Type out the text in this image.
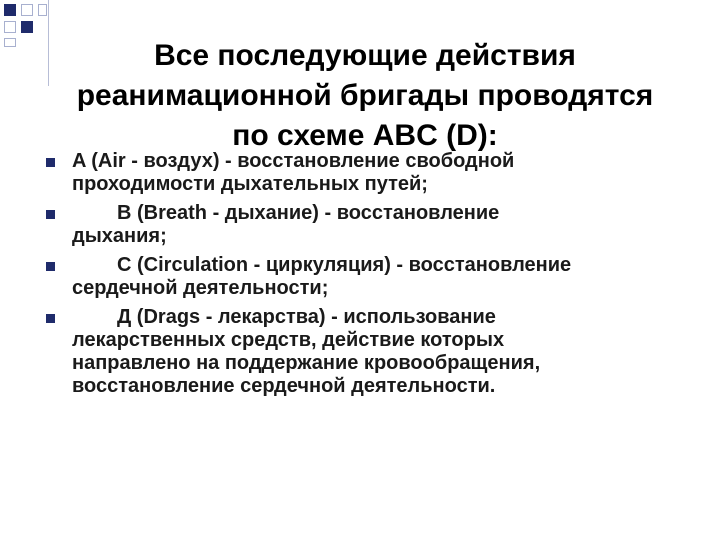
Все последующие действия
реанимационной бригады проводятся
по схеме ABC (D):
A (Air - воздух) - восстановление свободной
проходимости дыхательных путей;
B (Breath - дыхание) - восстановление
дыхания;
C (Circulation - циркуляция) - восстановление
сердечной деятельности;
Д (Drags - лекарства) - использование
лекарственных средств, действие которых
направлено на поддержание кровообращения,
восстановление сердечной деятельности.
